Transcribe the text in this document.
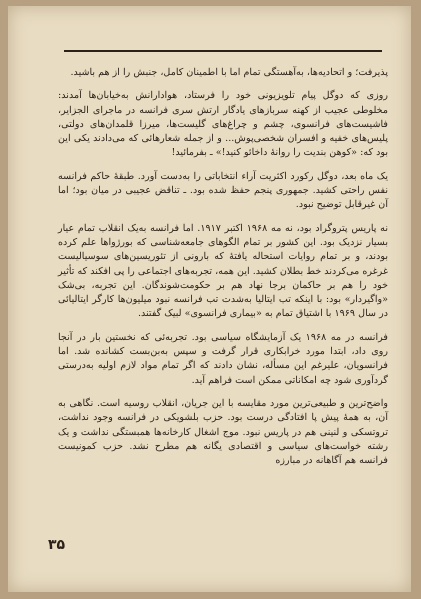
پذیرفت؛ و اتحادیه‌ها، به‌آهستگی تمام اما با اطمینان کامل، جنبش را از هم باشید.

روزی که دوگل پیام تلویزیونی خود را فرستاد، هوادارانش به‌خیابان‌ها آمدند: مخلوطی عجیب از کهنه سربازهای یادگار ارتش سری فرانسه در ماجرای الجزایر، فاشیست‌های فرانسوی، چشم و چراغ‌های گلیست‌ها، میرزا قلمدان‌های دولتی، پلیس‌های خفیه و افسران شخصی‌پوش... و از جمله شعارهائی که می‌دادند یکی این بود که: «کوهن بندیت را روانهٔ داخائو کنید!» ـ بفرمائید!

یک ماه بعد، دوگل رکورد اکثریت آراء انتخاباتی را به‌دست آورد. طبقهٔ حاکم فرانسه نفس راحتی کشید. جمهوری پنجم حفظ شده بود. ـ تناقض عجیبی در میان بود؛ اما آن غیرقابل توضیح نبود.

نه پاریس پتروگراد بود، نه مه ۱۹۶۸ اکتبر ۱۹۱۷. اما فرانسه به‌یک انقلاب تمام عیار بسیار نزدیک بود. این کشور بر تمام الگوهای جامعه‌شناسی که بورژواها علم کرده بودند، و بر تمام روایات استحاله یافتهٔ که بارونی از تئوریسین‌های سوسیالیست غرغره می‌کردند خط بطلان کشید. این همه، تجربه‌های اجتماعی را پی افکند که تأثیر خود را هم بر حاکمان برجا نهاد هم بر حکومت‌شوندگان. این تجربه، بی‌شک «واگیردار» بود: با اینکه تب ایتالیا به‌شدت تب فرانسه نبود میلیون‌ها کارگر ایتالیائی در سال ۱۹۶۹ با اشتیاق تمام به «بیماری فرانسوی» لبیک گفتند.

فرانسه در مه ۱۹۶۸ یک آزمایشگاه سیاسی بود. تجربه‌ئی که نخستین بار در آنجا روی داد، ابتدا مورد خرابکاری قرار گرفت و سپس به‌بن‌بست کشانده شد. اما فرانسویان، علیرغم این مسأله، نشان دادند که اگر تمام مواد لازم اولیه به‌درستی گردآوری شود چه امکاناتی ممکن است فراهم آید.

واضح‌ترین و طبیعی‌ترین مورد مقایسه با این جریان، انقلاب روسیه است. نگاهی به آن، به همهٔ پیش پا افتادگی درست بود. حزب بلشویکی در فرانسه وجود نداشت، تروتسکی و لنینی هم در پاریس نبود. موج اشغال کارخانه‌ها همبستگی نداشت و یک رشته خواست‌های سیاسی و اقتصادی یگانه هم مطرح نشد. حزب کمونیست فرانسه هم آگاهانه در مبارزه

۳۵
